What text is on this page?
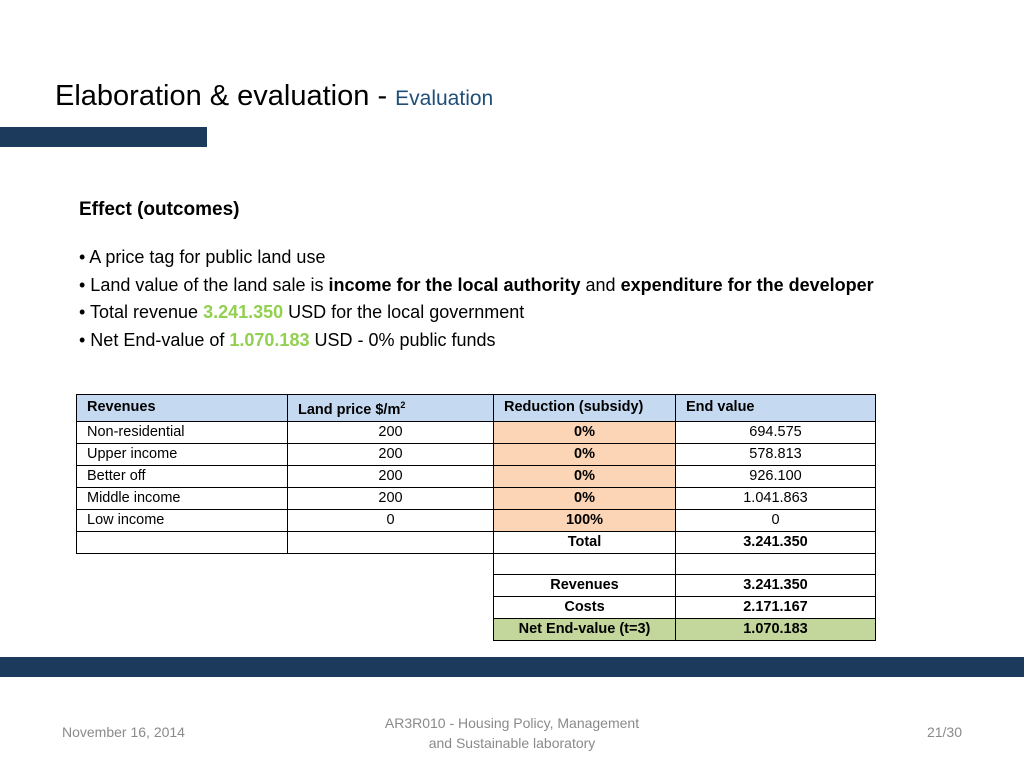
Elaboration & evaluation - Evaluation
Effect (outcomes)
• A price tag for public land use
• Land value of the land sale is income for the local authority and expenditure for the developer
• Total revenue 3.241.350 USD for the local government
• Net End-value of 1.070.183 USD - 0% public funds
Revenues	Land price $\$/m^2$	Reduction (subsidy)	End value
Non-residential	200	0%	694.575
Upper income	200	0%	578.813
Better off	200	0%	926.100
Middle income	200	0%	1.041.863
Low income	0	100%	0
		Total	3.241.350

		Revenues	3.241.350
		Costs	2.171.167
		Net End-value (t=3)	1.070.183
November 16, 2014
AR3R010 - Housing Policy, Management
and Sustainable laboratory
21/30
